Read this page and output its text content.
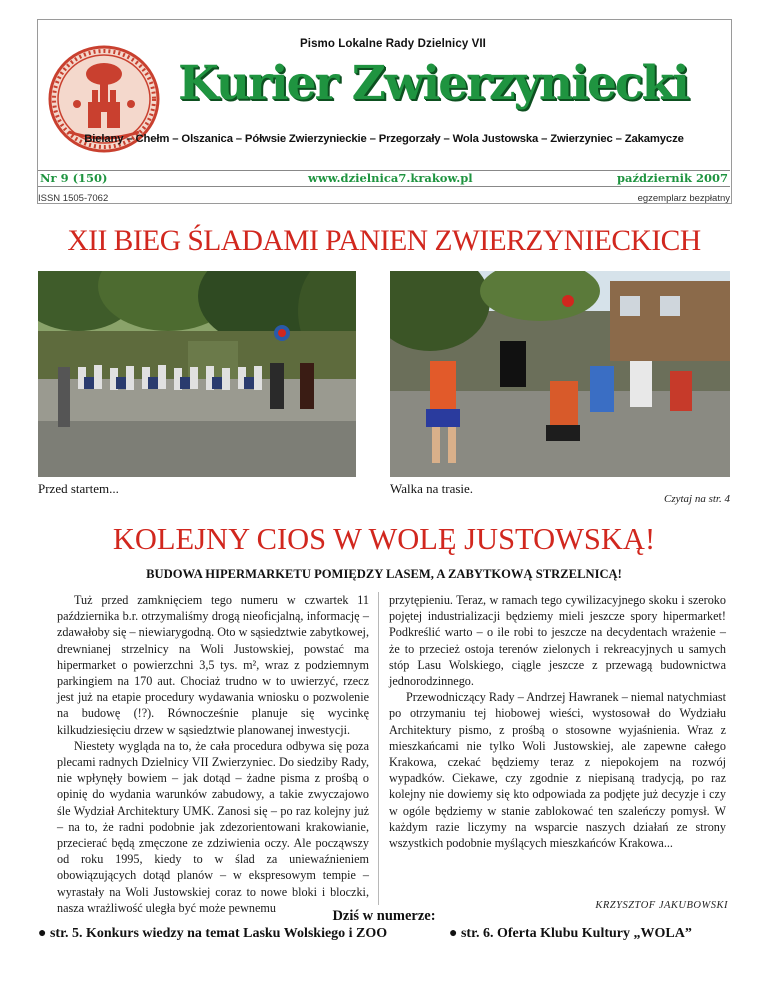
Pismo Lokalne Rady Dzielnicy VII
Kurier Zwierzyniecki
Bielany – Chełm – Olszanica – Półwsie Zwierzynieckie – Przegorzały – Wola Justowska – Zwierzyniec – Zakamycze
Nr 9 (150)	www.dzielnica7.krakow.pl	październik 2007
ISSN 1505-7062	egzemplarz bezpłatny
XII BIEG ŚLADAMI PANIEN ZWIERZYNIECKICH
Przed startem...	Walka na trasie.
Czytaj na str. 4
KOLEJNY CIOS W WOLĘ JUSTOWSKĄ!
BUDOWA HIPERMARKETU POMIĘDZY LASEM, A ZABYTKOWĄ STRZELNICĄ!

Tuż przed zamknięciem tego numeru w czwartek 11 października b.r. otrzymaliśmy drogą nieoficjalną, informację – zdawałoby się – niewiarygodną. Oto w sąsiedztwie zabytkowej, drewnianej strzelnicy na Woli Justowskiej, powstać ma hipermarket o powierzchni 3,5 tys. m², wraz z podziemnym parkingiem na 170 aut. Chociaż trudno w to uwierzyć, rzecz jest już na etapie procedury wydawania wniosku o pozwolenie na budowę (!?). Równocześnie planuje się wycinkę kilkudziesięciu drzew w sąsiedztwie planowanej inwestycji.

Niestety wygląda na to, że cała procedura odbywa się poza plecami radnych Dzielnicy VII Zwierzyniec. Do siedziby Rady, nie wpłynęły bowiem – jak dotąd – żadne pisma z prośbą o opinię do wydania warunków zabudowy, a takie zwyczajowo śle Wydział Architektury UMK. Zanosi się – po raz kolejny już – na to, że radni podobnie jak zdezorientowani krakowianie, przecierać będą zmęczone ze zdziwienia oczy. Ale począwszy od roku 1995, kiedy to w ślad za uniewaźnieniem obowiązujących dotąd planów – w ekspresowym tempie – wyrastały na Woli Justowskiej coraz to nowe bloki i bloczki, nasza wrażliwość uległa być może pewnemu

przytępieniu. Teraz, w ramach tego cywilizacyjnego skoku i szeroko pojętej industrializacji będziemy mieli jeszcze spory hipermarket! Podkreślić warto – o ile robi to jeszcze na decydentach wrażenie – że to przecież ostoja terenów zielonych i rekreacyjnych u samych stóp Lasu Wolskiego, ciągle jeszcze z przewagą budownictwa jednorodzinnego.

Przewodniczący Rady – Andrzej Hawranek – niemal natychmiast po otrzymaniu tej hiobowej wieści, wystosował do Wydziału Architektury pismo, z prośbą o stosowne wyjaśnienia. Wraz z mieszkańcami nie tylko Woli Justowskiej, ale zapewne całego Krakowa, czekać będziemy teraz z niepokojem na rozwój wypadków. Ciekawe, czy zgodnie z niepisaną tradycją, po raz kolejny nie dowiemy się kto odpowiada za podjęte już decyzje i czy w ogóle będziemy w stanie zablokować ten szaleńczy pomysł. W każdym razie liczymy na wsparcie naszych działań ze strony wszystkich podobnie myślących mieszkańców Krakowa...

KRZYSZTOF JAKUBOWSKI
Dziś w numerze:
● str. 5. Konkurs wiedzy na temat Lasku Wolskiego i ZOO	● str. 6. Oferta Klubu Kultury „WOLA”
